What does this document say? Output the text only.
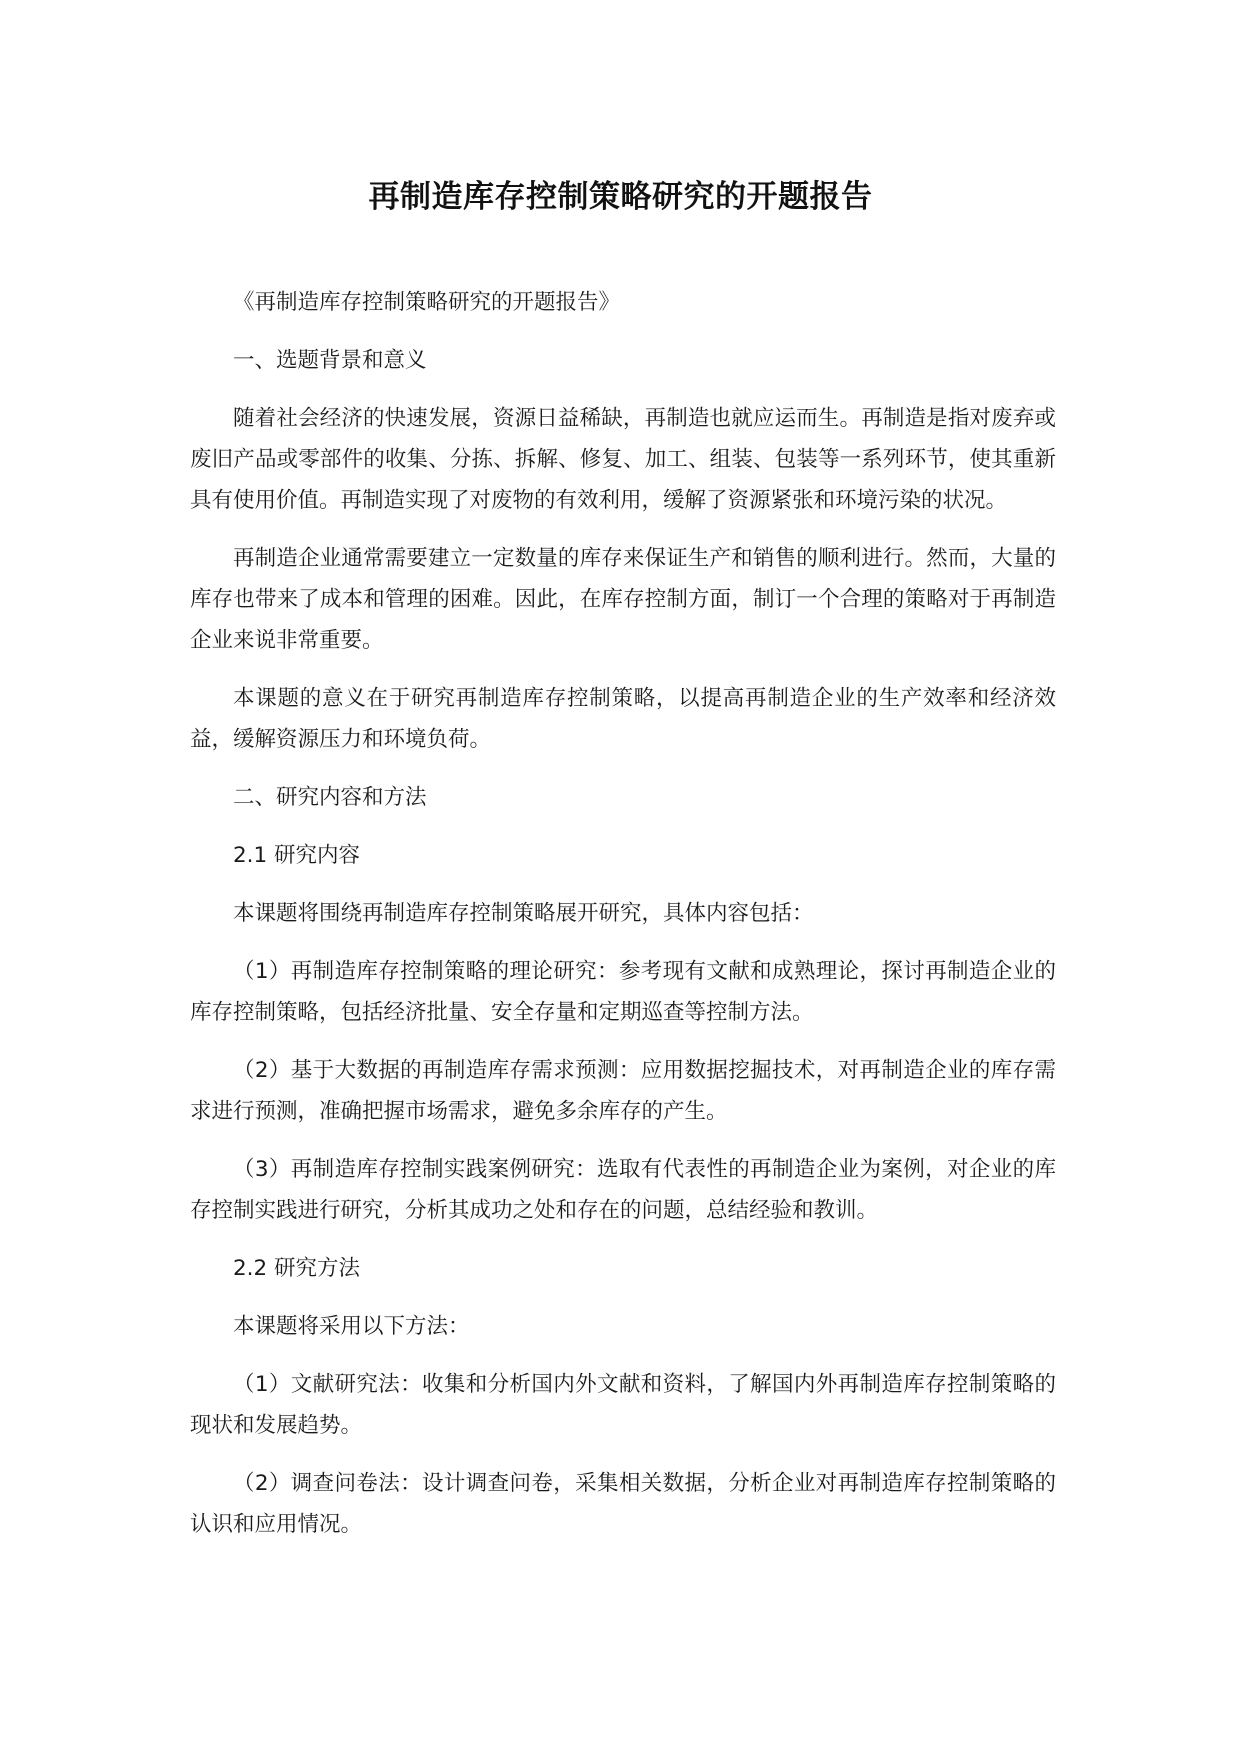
再制造库存控制策略研究的开题报告

《再制造库存控制策略研究的开题报告》

一、选题背景和意义

随着社会经济的快速发展，资源日益稀缺，再制造也就应运而生。再制造是指对废弃或废旧产品或零部件的收集、分拣、拆解、修复、加工、组装、包装等一系列环节，使其重新具有使用价值。再制造实现了对废物的有效利用，缓解了资源紧张和环境污染的状况。

再制造企业通常需要建立一定数量的库存来保证生产和销售的顺利进行。然而，大量的库存也带来了成本和管理的困难。因此，在库存控制方面，制订一个合理的策略对于再制造企业来说非常重要。

本课题的意义在于研究再制造库存控制策略，以提高再制造企业的生产效率和经济效益，缓解资源压力和环境负荷。

二、研究内容和方法

2.1 研究内容

本课题将围绕再制造库存控制策略展开研究，具体内容包括：

（1）再制造库存控制策略的理论研究：参考现有文献和成熟理论，探讨再制造企业的库存控制策略，包括经济批量、安全存量和定期巡查等控制方法。

（2）基于大数据的再制造库存需求预测：应用数据挖掘技术，对再制造企业的库存需求进行预测，准确把握市场需求，避免多余库存的产生。

（3）再制造库存控制实践案例研究：选取有代表性的再制造企业为案例，对企业的库存控制实践进行研究，分析其成功之处和存在的问题，总结经验和教训。

2.2 研究方法

本课题将采用以下方法：

（1）文献研究法：收集和分析国内外文献和资料，了解国内外再制造库存控制策略的现状和发展趋势。

（2）调查问卷法：设计调查问卷，采集相关数据，分析企业对再制造库存控制策略的认识和应用情况。
